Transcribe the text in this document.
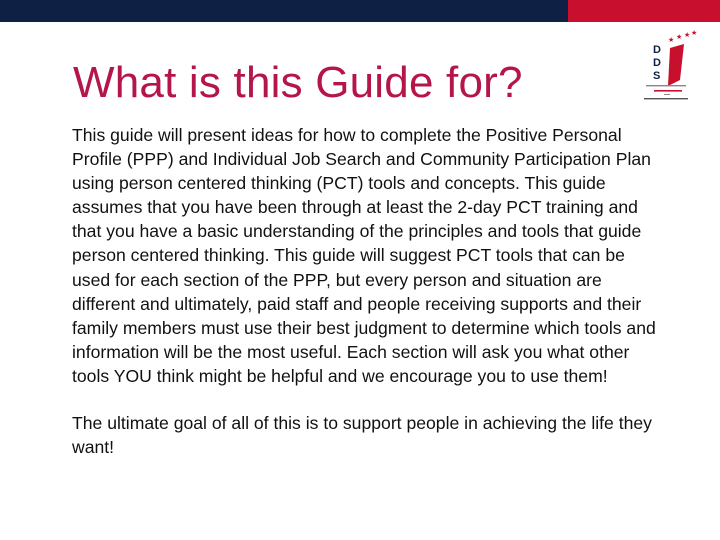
What is this Guide for?
★ ★ ★ ★
D
D
S

This guide will present ideas for how to complete the Positive Personal Profile (PPP) and Individual Job Search and Community Participation Plan using person centered thinking (PCT) tools and concepts. This guide assumes that you have been through at least the 2-day PCT training and that you have a basic understanding of the principles and tools that guide person centered thinking. This guide will suggest PCT tools that can be used for each section of the PPP, but every person and situation are different and ultimately, paid staff and people receiving supports and their family members must use their best judgment to determine which tools and information will be the most useful. Each section will ask you what other tools YOU think might be helpful and we encourage you to use them!

The ultimate goal of all of this is to support people in achieving the life they want!
